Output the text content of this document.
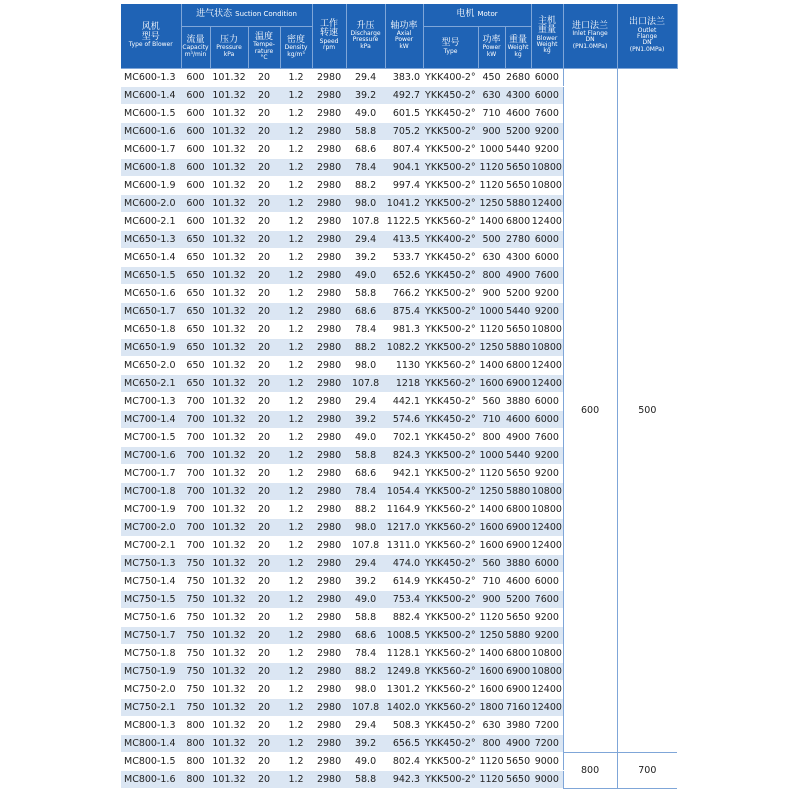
风机
型号
Type of Blower	进气状态 Suction Condition				工作
转速
Speed
rpm	升压
Discharge
Pressure
kPa	轴功率
Axial
Power
kW	电机 Motor			主机
重量
Blower
Weight
kg	进口法兰
Inlet Flange
DN
(PN1.0MPa)	出口法兰
Outlet
Flange
DN
(PN1.0MPa)

	流量
Capacity
m³/min	压力
Pressure
kPa	温度
Tempe-
rature
°C	密度
Density
kg/m³				型号
Type	功率
Power
kW	重量
Weight
kg			

MC600-1.3	600	101.32	20	1.2	2980	29.4	383.0	YKK400-2°	450	2680	6000	600	500
MC600-1.4	600	101.32	20	1.2	2980	39.2	492.7	YKK450-2°	630	4300	6000		
MC600-1.5	600	101.32	20	1.2	2980	49.0	601.5	YKK450-2°	710	4600	7600		
MC600-1.6	600	101.32	20	1.2	2980	58.8	705.2	YKK500-2°	900	5200	9200		
MC600-1.7	600	101.32	20	1.2	2980	68.6	807.4	YKK500-2°	1000	5440	9200		
MC600-1.8	600	101.32	20	1.2	2980	78.4	904.1	YKK500-2°	1120	5650	10800		
MC600-1.9	600	101.32	20	1.2	2980	88.2	997.4	YKK500-2°	1120	5650	10800		
MC600-2.0	600	101.32	20	1.2	2980	98.0	1041.2	YKK500-2°	1250	5880	12400		
MC600-2.1	600	101.32	20	1.2	2980	107.8	1122.5	YKK560-2°	1400	6800	12400		
MC650-1.3	650	101.32	20	1.2	2980	29.4	413.5	YKK400-2°	500	2780	6000		
MC650-1.4	650	101.32	20	1.2	2980	39.2	533.7	YKK450-2°	630	4300	6000		
MC650-1.5	650	101.32	20	1.2	2980	49.0	652.6	YKK450-2°	800	4900	7600		
MC650-1.6	650	101.32	20	1.2	2980	58.8	766.2	YKK500-2°	900	5200	9200		
MC650-1.7	650	101.32	20	1.2	2980	68.6	875.4	YKK500-2°	1000	5440	9200		
MC650-1.8	650	101.32	20	1.2	2980	78.4	981.3	YKK500-2°	1120	5650	10800		
MC650-1.9	650	101.32	20	1.2	2980	88.2	1082.2	YKK500-2°	1250	5880	10800		
MC650-2.0	650	101.32	20	1.2	2980	98.0	1130	YKK560-2°	1400	6800	12400		
MC650-2.1	650	101.32	20	1.2	2980	107.8	1218	YKK560-2°	1600	6900	12400		
MC700-1.3	700	101.32	20	1.2	2980	29.4	442.1	YKK450-2°	560	3880	6000		
MC700-1.4	700	101.32	20	1.2	2980	39.2	574.6	YKK450-2°	710	4600	6000		
MC700-1.5	700	101.32	20	1.2	2980	49.0	702.1	YKK450-2°	800	4900	7600		
MC700-1.6	700	101.32	20	1.2	2980	58.8	824.3	YKK500-2°	1000	5440	9200		
MC700-1.7	700	101.32	20	1.2	2980	68.6	942.1	YKK500-2°	1120	5650	9200		
MC700-1.8	700	101.32	20	1.2	2980	78.4	1054.4	YKK500-2°	1250	5880	10800		
MC700-1.9	700	101.32	20	1.2	2980	88.2	1164.9	YKK560-2°	1400	6800	10800		
MC700-2.0	700	101.32	20	1.2	2980	98.0	1217.0	YKK560-2°	1600	6900	12400		
MC700-2.1	700	101.32	20	1.2	2980	107.8	1311.0	YKK560-2°	1600	6900	12400		
MC750-1.3	750	101.32	20	1.2	2980	29.4	474.0	YKK450-2°	560	3880	6000		
MC750-1.4	750	101.32	20	1.2	2980	39.2	614.9	YKK450-2°	710	4600	6000		
MC750-1.5	750	101.32	20	1.2	2980	49.0	753.4	YKK500-2°	900	5200	7600		
MC750-1.6	750	101.32	20	1.2	2980	58.8	882.4	YKK500-2°	1120	5650	9200		
MC750-1.7	750	101.32	20	1.2	2980	68.6	1008.5	YKK500-2°	1250	5880	9200		
MC750-1.8	750	101.32	20	1.2	2980	78.4	1128.1	YKK560-2°	1400	6800	10800		
MC750-1.9	750	101.32	20	1.2	2980	88.2	1249.8	YKK560-2°	1600	6900	10800		
MC750-2.0	750	101.32	20	1.2	2980	98.0	1301.2	YKK560-2°	1600	6900	12400		
MC750-2.1	750	101.32	20	1.2	2980	107.8	1402.0	YKK560-2°	1800	7160	12400		
MC800-1.3	800	101.32	20	1.2	2980	29.4	508.3	YKK450-2°	630	3980	7200		
MC800-1.4	800	101.32	20	1.2	2980	39.2	656.5	YKK450-2°	800	4900	7200		
MC800-1.5	800	101.32	20	1.2	2980	49.0	802.4	YKK500-2°	1120	5650	9000	800	700
MC800-1.6	800	101.32	20	1.2	2980	58.8	942.3	YKK500-2°	1120	5650	9000		
